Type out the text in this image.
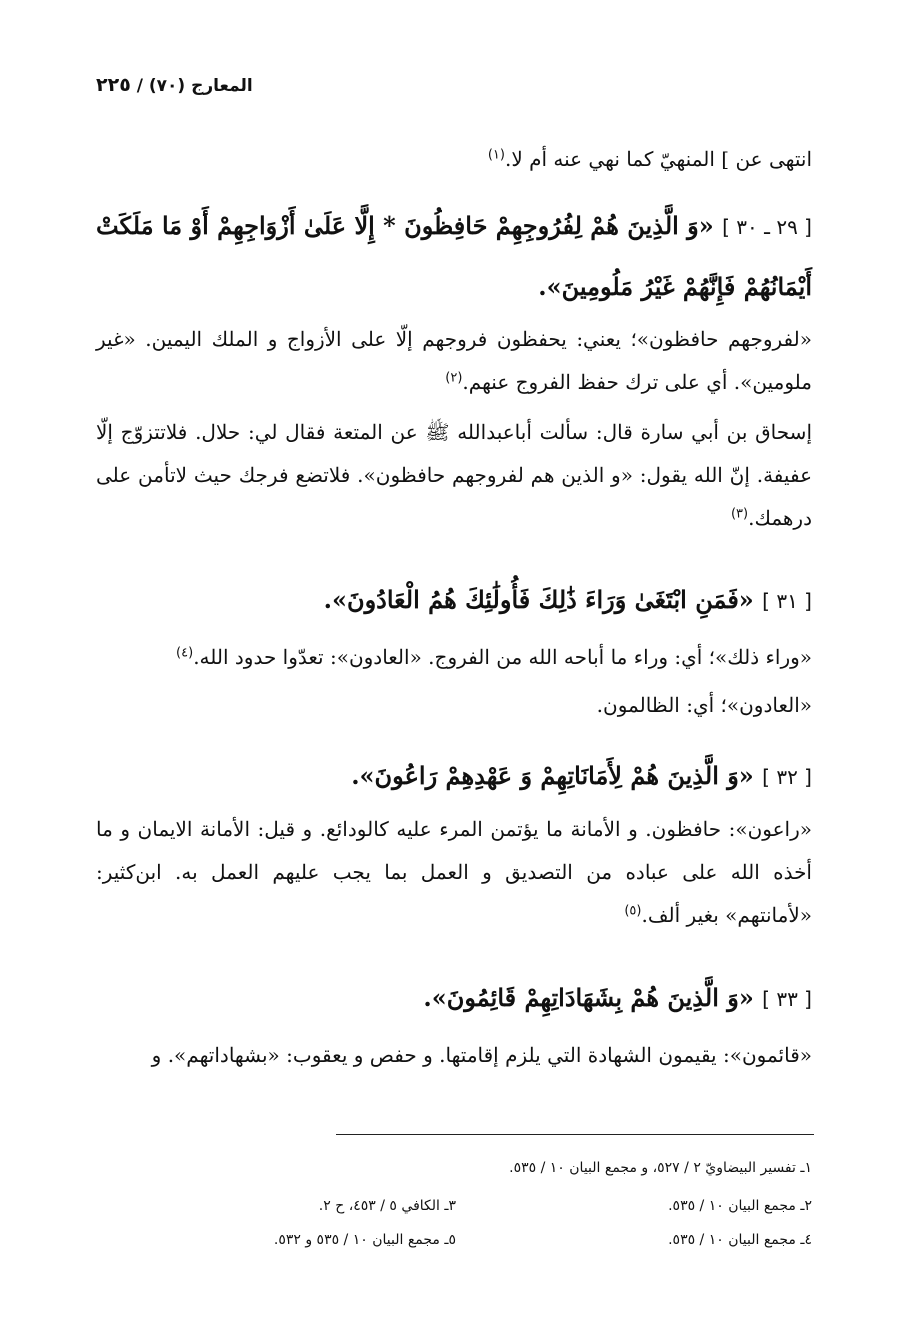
المعارج (٧٠) / ٢٢٥
انتهى عن ] المنهيّ كما نهي عنه أم لا.$^{(١)}$
[ ٢٩ ـ ٣٠ ] «وَ الَّذِينَ هُمْ لِفُرُوجِهِمْ حَافِظُونَ * إِلَّا عَلَىٰ أَزْوَاجِهِمْ أَوْ مَا مَلَكَتْ أَيْمَانُهُمْ فَإِنَّهُمْ غَيْرُ مَلُومِينَ».
«لفروجهم حافظون»؛ يعني: يحفظون فروجهم إلّا على الأزواج و الملك اليمين. «غير ملومين». أي على ترك حفظ الفروج عنهم.$^{(٢)}$
إسحاق بن أبي سارة قال: سألت أباعبدالله ﷺ عن المتعة فقال لي: حلال. فلاتتزوّج إلّا عفيفة. إنّ الله يقول: «و الذين هم لفروجهم حافظون». فلاتضع فرجك حيث لاتأمن على درهمك.$^{(٣)}$
[ ٣١ ] «فَمَنِ ابْتَغَىٰ وَرَاءَ ذَٰلِكَ فَأُولَٰئِكَ هُمُ الْعَادُونَ».
«وراء ذلك»؛ أي: وراء ما أباحه الله من الفروج. «العادون»: تعدّوا حدود الله.$^{(٤)}$
«العادون»؛ أي: الظالمون.
[ ٣٢ ] «وَ الَّذِينَ هُمْ لِأَمَانَاتِهِمْ وَ عَهْدِهِمْ رَاعُونَ».
«راعون»: حافظون. و الأمانة ما يؤتمن المرء عليه كالودائع. و قيل: الأمانة الايمان و ما أخذه الله على عباده من التصديق و العمل بما يجب عليهم العمل به. ابن‌كثير: «لأمانتهم» بغير ألف.$^{(٥)}$
[ ٣٣ ] «وَ الَّذِينَ هُمْ بِشَهَادَاتِهِمْ قَائِمُونَ».
«قائمون»: يقيمون الشهادة التي يلزم إقامتها. و حفص و يعقوب: «بشهاداتهم». و
١ـ تفسير البيضاويّ ٢ / ٥٢٧، و مجمع البيان ١٠ / ٥٣٥.
٢ـ مجمع البيان ١٠ / ٥٣٥.
٣ـ الكافي ٥ / ٤٥٣، ح ٢.
٤ـ مجمع البيان ١٠ / ٥٣٥.
٥ـ مجمع البيان ١٠ / ٥٣٥ و ٥٣٢.
